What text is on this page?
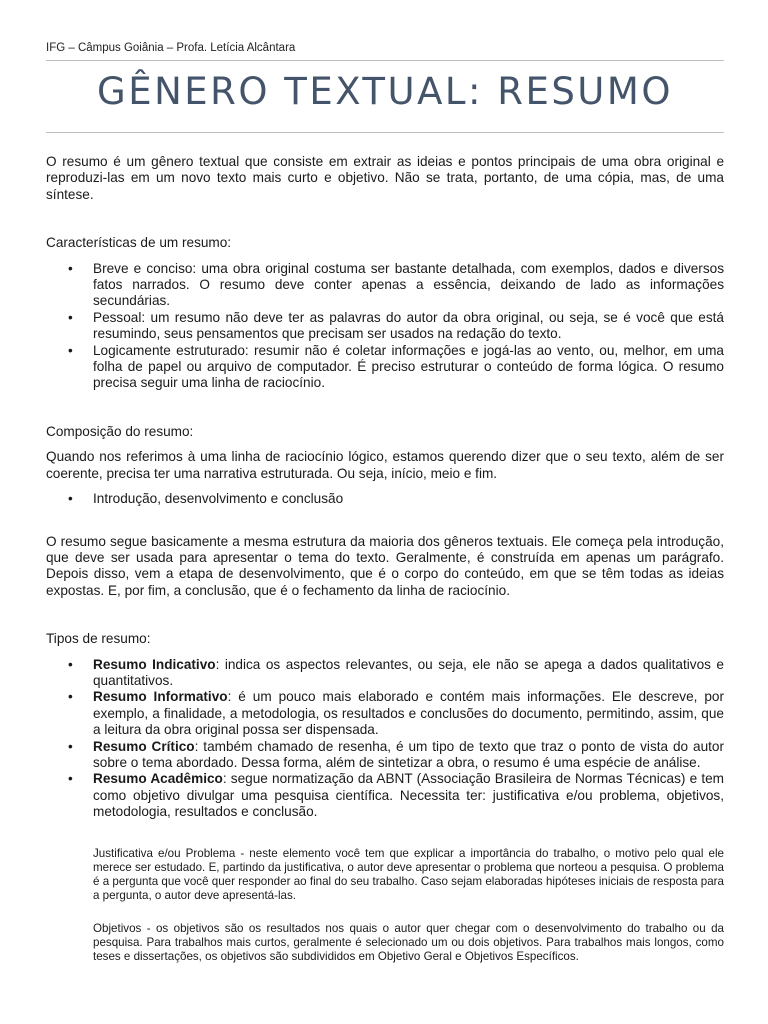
IFG – Câmpus Goiânia – Profa. Letícia Alcântara
GÊNERO TEXTUAL: RESUMO

O resumo é um gênero textual que consiste em extrair as ideias e pontos principais de uma obra original e reproduzi-las em um novo texto mais curto e objetivo. Não se trata, portanto, de uma cópia, mas, de uma síntese.

Características de um resumo:

• Breve e conciso: uma obra original costuma ser bastante detalhada, com exemplos, dados e diversos fatos narrados. O resumo deve conter apenas a essência, deixando de lado as informações secundárias.
• Pessoal: um resumo não deve ter as palavras do autor da obra original, ou seja, se é você que está resumindo, seus pensamentos que precisam ser usados na redação do texto.
• Logicamente estruturado: resumir não é coletar informações e jogá-las ao vento, ou, melhor, em uma folha de papel ou arquivo de computador. É preciso estruturar o conteúdo de forma lógica. O resumo precisa seguir uma linha de raciocínio.

Composição do resumo:

Quando nos referimos à uma linha de raciocínio lógico, estamos querendo dizer que o seu texto, além de ser coerente, precisa ter uma narrativa estruturada. Ou seja, início, meio e fim.

• Introdução, desenvolvimento e conclusão

O resumo segue basicamente a mesma estrutura da maioria dos gêneros textuais. Ele começa pela introdução, que deve ser usada para apresentar o tema do texto. Geralmente, é construída em apenas um parágrafo. Depois disso, vem a etapa de desenvolvimento, que é o corpo do conteúdo, em que se têm todas as ideias expostas. E, por fim, a conclusão, que é o fechamento da linha de raciocínio.

Tipos de resumo:

• Resumo Indicativo: indica os aspectos relevantes, ou seja, ele não se apega a dados qualitativos e quantitativos.
• Resumo Informativo: é um pouco mais elaborado e contém mais informações. Ele descreve, por exemplo, a finalidade, a metodologia, os resultados e conclusões do documento, permitindo, assim, que a leitura da obra original possa ser dispensada.
• Resumo Crítico: também chamado de resenha, é um tipo de texto que traz o ponto de vista do autor sobre o tema abordado. Dessa forma, além de sintetizar a obra, o resumo é uma espécie de análise.
• Resumo Acadêmico: segue normatização da ABNT (Associação Brasileira de Normas Técnicas) e tem como objetivo divulgar uma pesquisa científica. Necessita ter: justificativa e/ou problema, objetivos, metodologia, resultados e conclusão.

Justificativa e/ou Problema - neste elemento você tem que explicar a importância do trabalho, o motivo pelo qual ele merece ser estudado. E, partindo da justificativa, o autor deve apresentar o problema que norteou a pesquisa. O problema é a pergunta que você quer responder ao final do seu trabalho. Caso sejam elaboradas hipóteses iniciais de resposta para a pergunta, o autor deve apresentá-las.

Objetivos - os objetivos são os resultados nos quais o autor quer chegar com o desenvolvimento do trabalho ou da pesquisa. Para trabalhos mais curtos, geralmente é selecionado um ou dois objetivos. Para trabalhos mais longos, como teses e dissertações, os objetivos são subdivididos em Objetivo Geral e Objetivos Específicos.
